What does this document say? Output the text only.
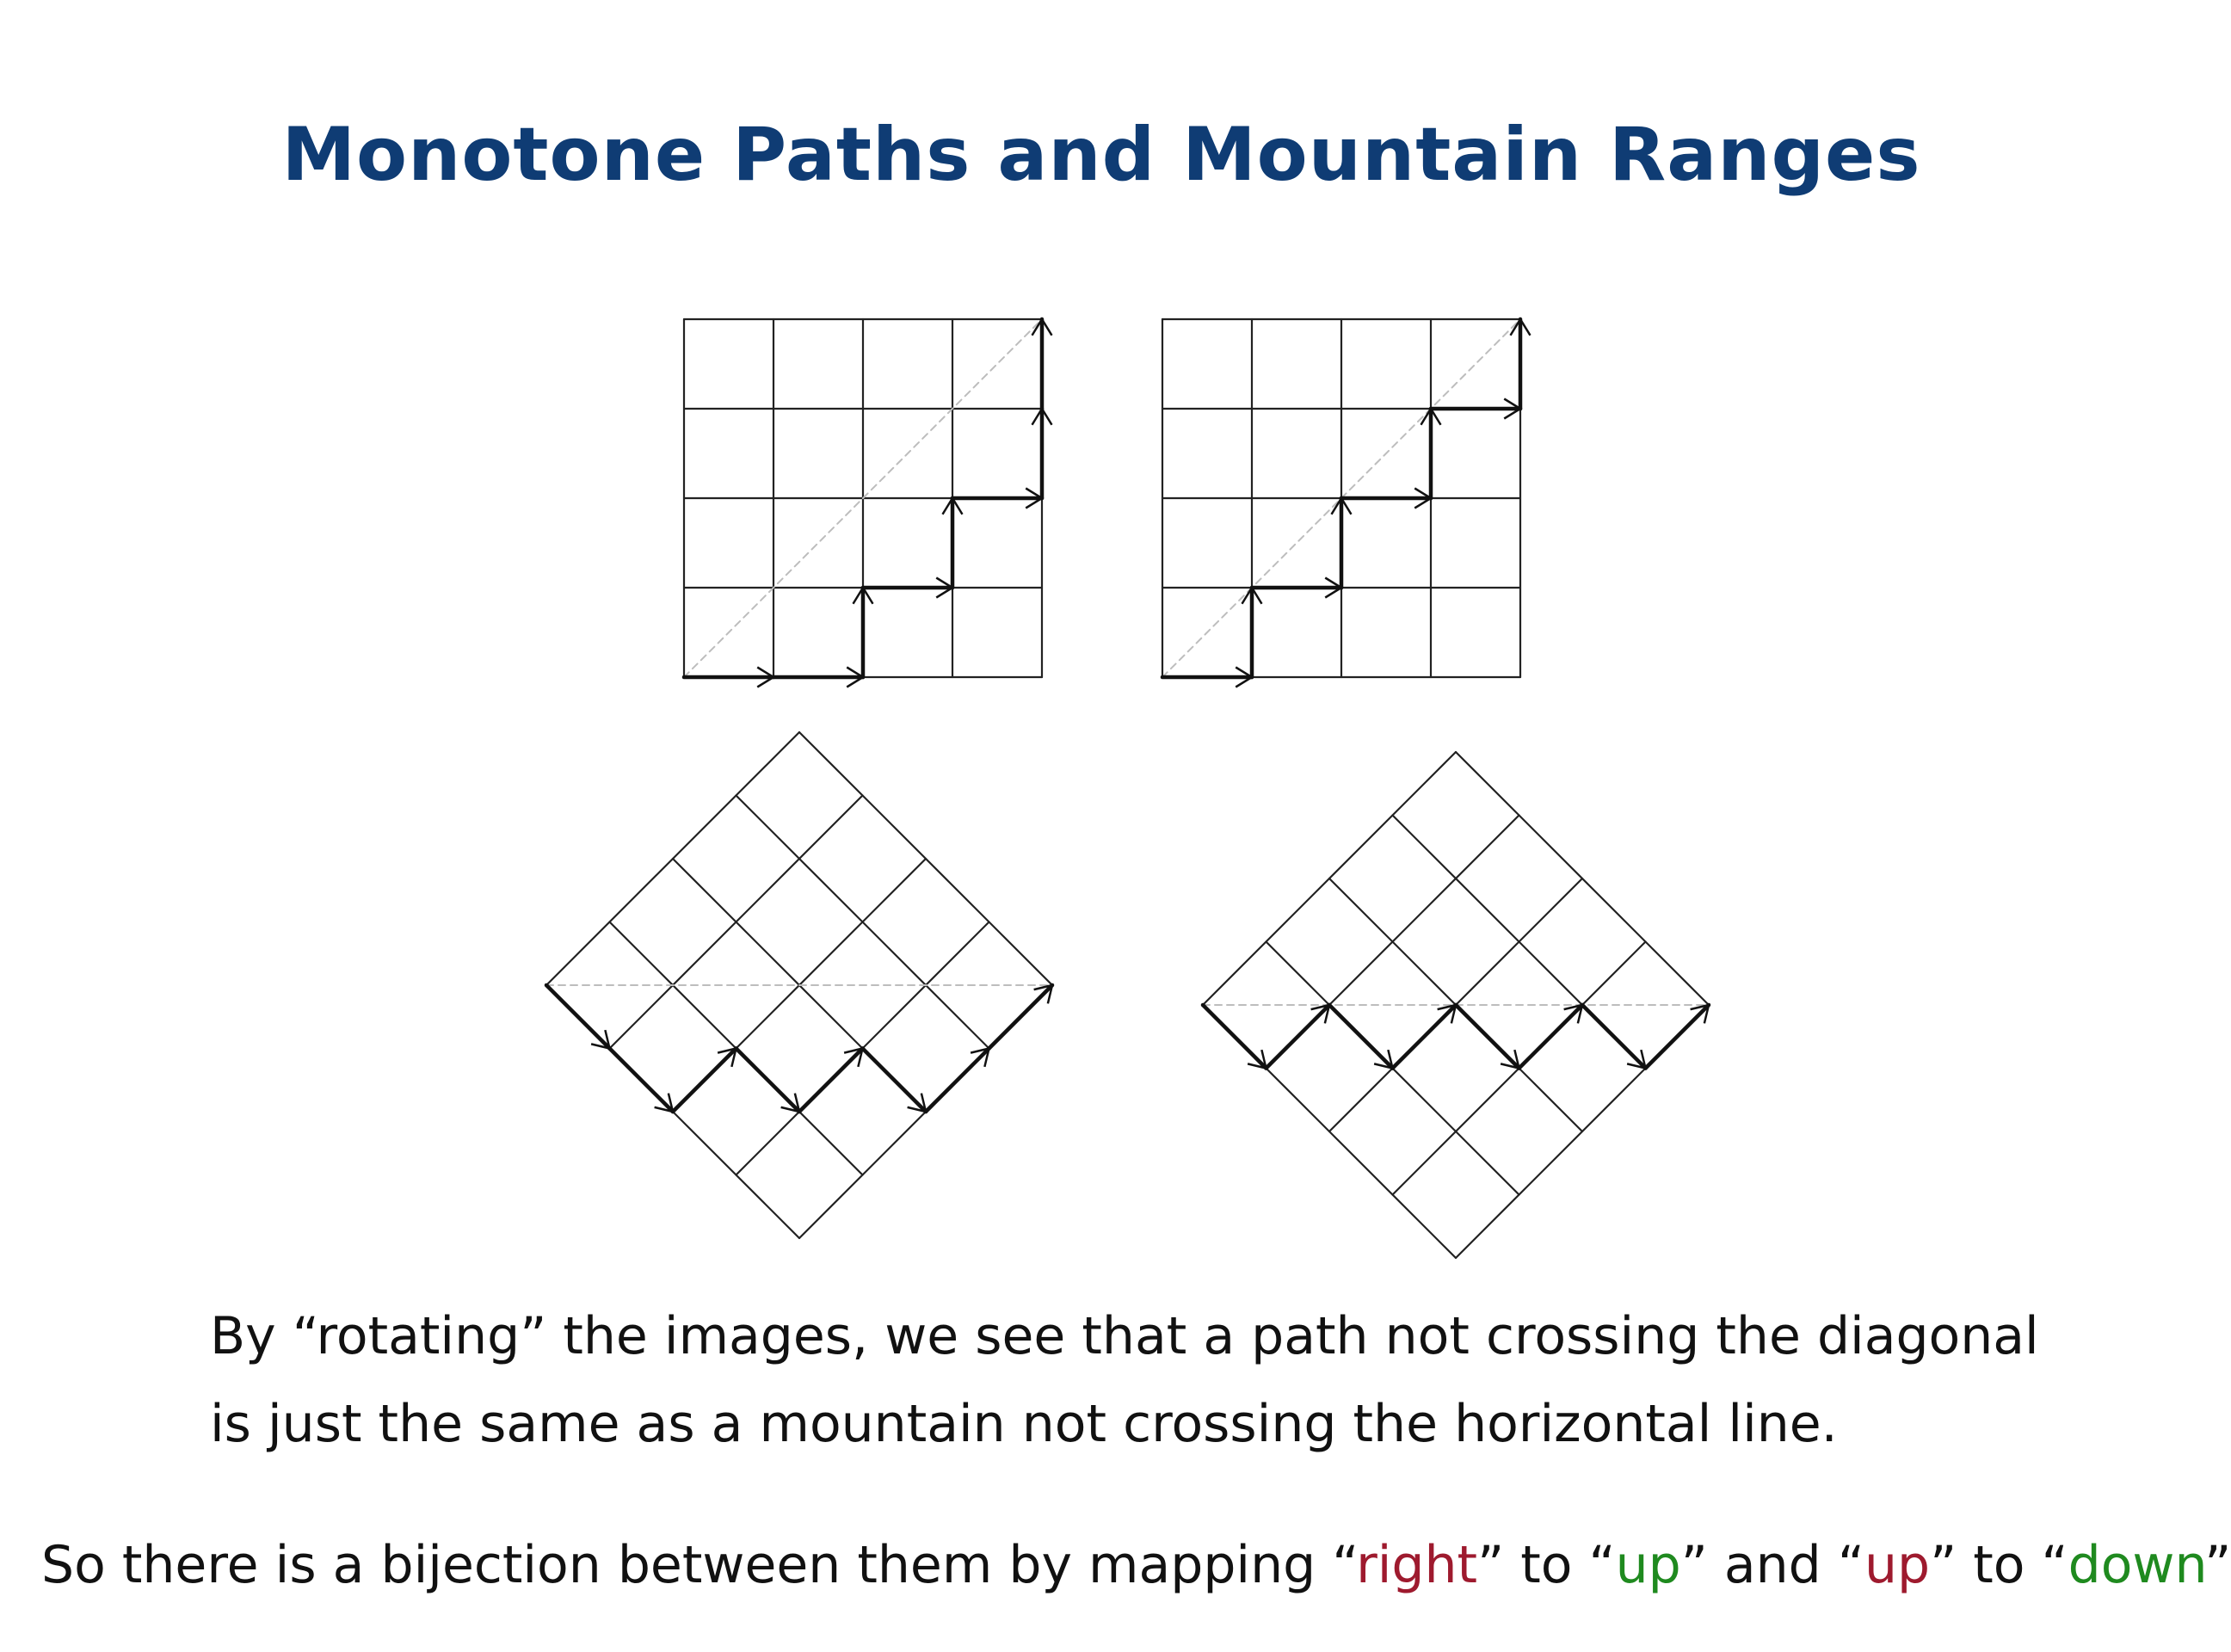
Monotone Paths and Mountain Ranges
By “rotating” the images, we see that a path not crossing the diagonal
is just the same as a mountain not crossing the horizontal line.
So there is a bijection between them by mapping “right” to “up” and “up” to “down”
